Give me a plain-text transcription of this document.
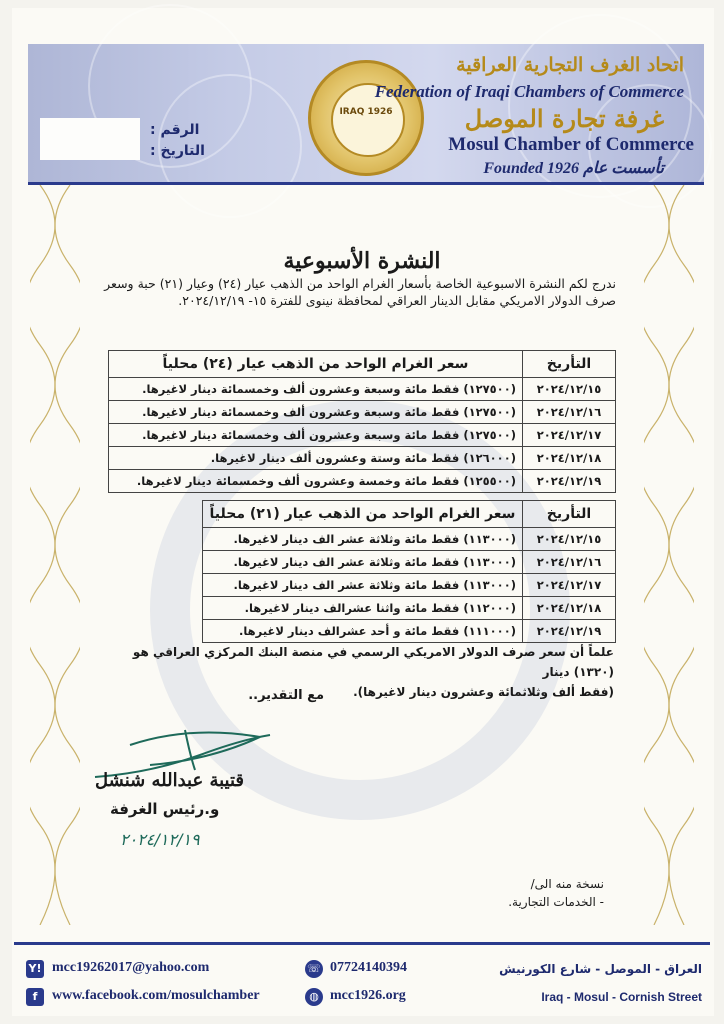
IRAQ 1926
اتحاد الغرف التجارية العراقية
Federation of Iraqi Chambers of Commerce
غرفة تجارة الموصل
Mosul Chamber of Commerce
Founded 1926 تأسست عام
الرقم :
التاريخ :
النشرة الأسبوعية
ندرج لكم النشرة الاسبوعية الخاصة بأسعار الغرام الواحد من الذهب عيار (٢٤) وعيار (٢١) حبة وسعر صرف الدولار الامريكي مقابل الدينار العراقي لمحافظة نينوى للفترة ١٥- ٢٠٢٤/١٢/١٩.
التأريخ	سعر الغرام الواحد من الذهب عيار (٢٤) محلياً
٢٠٢٤/١٢/١٥	(١٢٧٥٠٠) فقط مائة وسبعة وعشرون ألف وخمسمائة دينار لاغيرها.
٢٠٢٤/١٢/١٦	(١٢٧٥٠٠) فقط مائة وسبعة وعشرون ألف وخمسمائة دينار لاغيرها.
٢٠٢٤/١٢/١٧	(١٢٧٥٠٠) فقط مائة وسبعة وعشرون ألف وخمسمائة دينار لاغيرها.
٢٠٢٤/١٢/١٨	(١٢٦٠٠٠) فقط مائة وستة وعشرون ألف دينار لاغيرها.
٢٠٢٤/١٢/١٩	(١٢٥٥٠٠) فقط مائة وخمسة وعشرون ألف وخمسمائة دينار لاغيرها.
التأريخ	سعر الغرام الواحد من الذهب عيار (٢١) محلياً
٢٠٢٤/١٢/١٥	(١١٣٠٠٠) فقط مائة وثلاثة عشر الف دينار لاغيرها.
٢٠٢٤/١٢/١٦	(١١٣٠٠٠) فقط مائة وثلاثة عشر الف دينار لاغيرها.
٢٠٢٤/١٢/١٧	(١١٣٠٠٠) فقط مائة وثلاثة عشر الف دينار لاغيرها.
٢٠٢٤/١٢/١٨	(١١٢٠٠٠) فقط مائة واثنا عشرالف دينار لاغيرها.
٢٠٢٤/١٢/١٩	(١١١٠٠٠) فقط مائة و أحد عشرالف دينار لاغيرها.
علماً أن سعر صرف الدولار الامريكي الرسمي في منصة البنك المركزي العراقي هو (١٣٢٠) دينار
(فقط ألف وثلاثمائة وعشرون دينار لاغيرها).
مع التقدير..
قتيبة عبدالله شنشل
و.رئيس الغرفة
٢٠٢٤/١٢/١٩
نسخة منه الى/
- الخدمات التجارية.
Y! mcc19262017@yahoo.com
f	www.facebook.com/mosulchamber
☏ 07724140394
◍ mcc1926.org
العراق - الموصل - شارع الكورنيش
Iraq - Mosul - Cornish Street
